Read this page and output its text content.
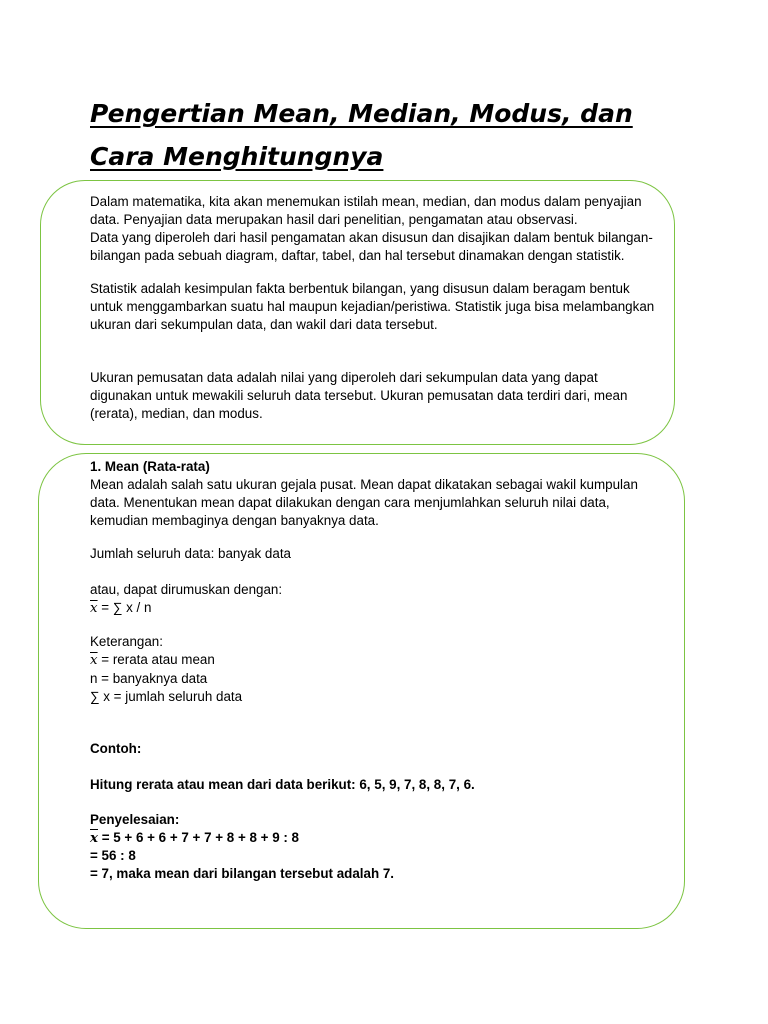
Pengertian Mean, Median, Modus, dan
Cara Menghitungnya

Dalam matematika, kita akan menemukan istilah mean, median, dan modus dalam penyajian

data. Penyajian data merupakan hasil dari penelitian, pengamatan atau observasi.

Data yang diperoleh dari hasil pengamatan akan disusun dan disajikan dalam bentuk bilangan-

bilangan pada sebuah diagram, daftar, tabel, dan hal tersebut dinamakan dengan statistik.

Statistik adalah kesimpulan fakta berbentuk bilangan, yang disusun dalam beragam bentuk

untuk menggambarkan suatu hal maupun kejadian/peristiwa. Statistik juga bisa melambangkan

ukuran dari sekumpulan data, dan wakil dari data tersebut.

Ukuran pemusatan data adalah nilai yang diperoleh dari sekumpulan data yang dapat

digunakan untuk mewakili seluruh data tersebut. Ukuran pemusatan data terdiri dari, mean

(rerata), median, dan modus.

1. Mean (Rata-rata)

Mean adalah salah satu ukuran gejala pusat. Mean dapat dikatakan sebagai wakil kumpulan

data. Menentukan mean dapat dilakukan dengan cara menjumlahkan seluruh nilai data,

kemudian membaginya dengan banyaknya data.

Jumlah seluruh data: banyak data

atau, dapat dirumuskan dengan:

$\overline{x}$ = ∑ x / n

Keterangan:

$\overline{x}$ = rerata atau mean

n = banyaknya data

∑ x = jumlah seluruh data

Contoh:

Hitung rerata atau mean dari data berikut: 6, 5, 9, 7, 8, 8, 7, 6.

Penyelesaian:

$\overline{x} = 5 + 6 + 6 + 7 + 7 + 8 + 8 + 9$ : 8

= 56 : 8

= 7, maka mean dari bilangan tersebut adalah 7.
